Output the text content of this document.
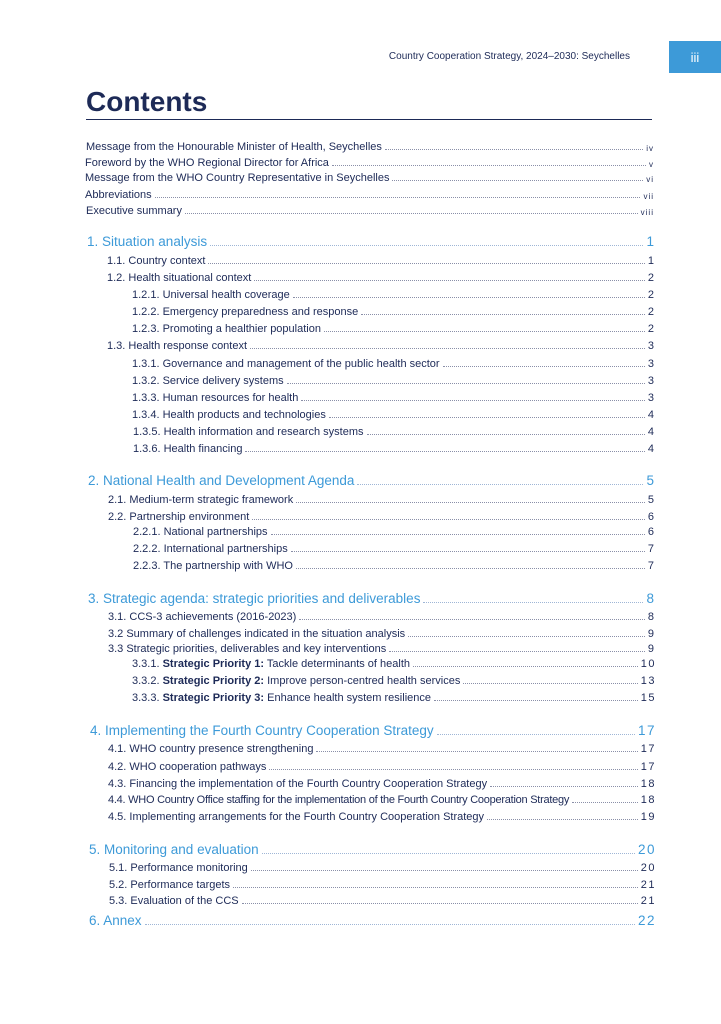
Country Cooperation Strategy, 2024–2030: Seychelles	iii
Contents
Message from the Honourable Minister of Health, Seychelles	iv
Foreword by the WHO Regional Director for Africa	v
Message from the WHO Country Representative in Seychelles	vi
Abbreviations	vii
Executive summary	viii
1. Situation analysis	1
1.1. Country context	1
1.2. Health situational context	2
1.2.1. Universal health coverage	2
1.2.2. Emergency preparedness and response	2
1.2.3. Promoting a healthier population	2
1.3. Health response context	3
1.3.1. Governance and management of the public health sector	3
1.3.2. Service delivery systems	3
1.3.3. Human resources for health	3
1.3.4. Health products and technologies	4
1.3.5. Health information and research systems	4
1.3.6. Health financing	4
2. National Health and Development Agenda	5
2.1. Medium-term strategic framework	5
2.2. Partnership environment	6
2.2.1. National partnerships	6
2.2.2. International partnerships	7
2.2.3. The partnership with WHO	7
3. Strategic agenda: strategic priorities and deliverables	8
3.1. CCS-3 achievements (2016-2023)	8
3.2 Summary of challenges indicated in the situation analysis	9
3.3 Strategic priorities, deliverables and key interventions	9
3.3.1. Strategic Priority 1: Tackle determinants of health	10
3.3.2. Strategic Priority 2: Improve person-centred health services	13
3.3.3. Strategic Priority 3: Enhance health system resilience	15
4. Implementing the Fourth Country Cooperation Strategy	17
4.1. WHO country presence strengthening	17
4.2. WHO cooperation pathways	17
4.3. Financing the implementation of the Fourth Country Cooperation Strategy	18
4.4. WHO Country Office staffing for the implementation of the Fourth Country Cooperation Strategy	18
4.5. Implementing arrangements for the Fourth Country Cooperation Strategy	19
5. Monitoring and evaluation	20
5.1. Performance monitoring	20
5.2. Performance targets	21
5.3. Evaluation of the CCS	21
6. Annex	22
